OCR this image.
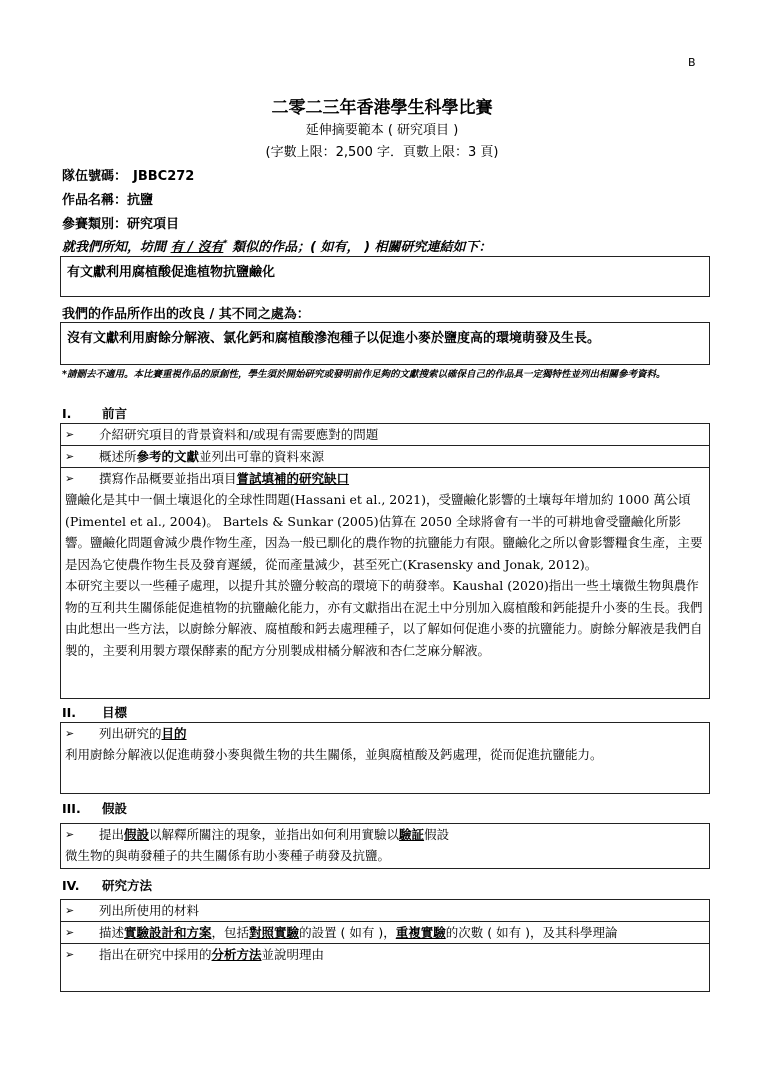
B
二零二三年香港學生科學比賽
延伸摘要範本 ( 研究項目 )
(字數上限：2,500 字．頁數上限：3 頁)
隊伍號碼： JBBC272
作品名稱：抗鹽
參賽類別：研究項目
就我們所知，坊間 有 / 沒有* 類似的作品；( 如有， ) 相關研究連結如下：
有文獻利用腐植酸促進植物抗鹽鹼化
我們的作品所作出的改良 / 其不同之處為：
沒有文獻利用廚餘分解液、氯化鈣和腐植酸滲泡種子以促進小麥於鹽度高的環境萌發及生長。
*請刪去不適用。本比賽重視作品的原創性，學生須於開始研究或發明前作足夠的文獻搜索以確保自己的作品具一定獨特性並列出相關參考資料。
I. 前言
➢ 介紹研究項目的背景資料和/或現有需要應對的問題
➢ 概述所參考的文獻並列出可靠的資料來源
➢ 撰寫作品概要並指出項目嘗試填補的研究缺口
鹽鹼化是其中一個土壤退化的全球性問題(Hassani et al., 2021)，受鹽鹼化影響的土壤每年增加約 1000 萬公頃(Pimentel et al., 2004)。 Bartels & Sunkar (2005)估算在 2050 全球將會有一半的可耕地會受鹽鹼化所影響。鹽鹼化問題會減少農作物生產，因為一般已馴化的農作物的抗鹽能力有限。鹽鹼化之所以會影響糧食生產，主要是因為它使農作物生長及發育遲緩，從而產量減少，甚至死亡(Krasensky and Jonak, 2012)。
本研究主要以一些種子處理，以提升其於鹽分較高的環境下的萌發率。Kaushal (2020)指出一些土壤微生物與農作物的互利共生關係能促進植物的抗鹽鹼化能力，亦有文獻指出在泥土中分別加入腐植酸和鈣能提升小麥的生長。我們由此想出一些方法，以廚餘分解液、腐植酸和鈣去處理種子，以了解如何促進小麥的抗鹽能力。廚餘分解液是我們自製的，主要利用製方環保酵素的配方分別製成柑橘分解液和杏仁芝麻分解液。
II. 目標
➢ 列出研究的目的
利用廚餘分解液以促進萌發小麥與微生物的共生關係，並與腐植酸及鈣處理，從而促進抗鹽能力。
III. 假設
➢ 提出假設以解釋所關注的現象，並指出如何利用實驗以驗証假設
微生物的與萌發種子的共生關係有助小麥種子萌發及抗鹽。
IV. 研究方法
➢ 列出所使用的材料
➢ 描述實驗設計和方案，包括對照實驗的設置 ( 如有 )，重複實驗的次數 ( 如有 )，及其科學理論
➢ 指出在研究中採用的分析方法並說明理由
